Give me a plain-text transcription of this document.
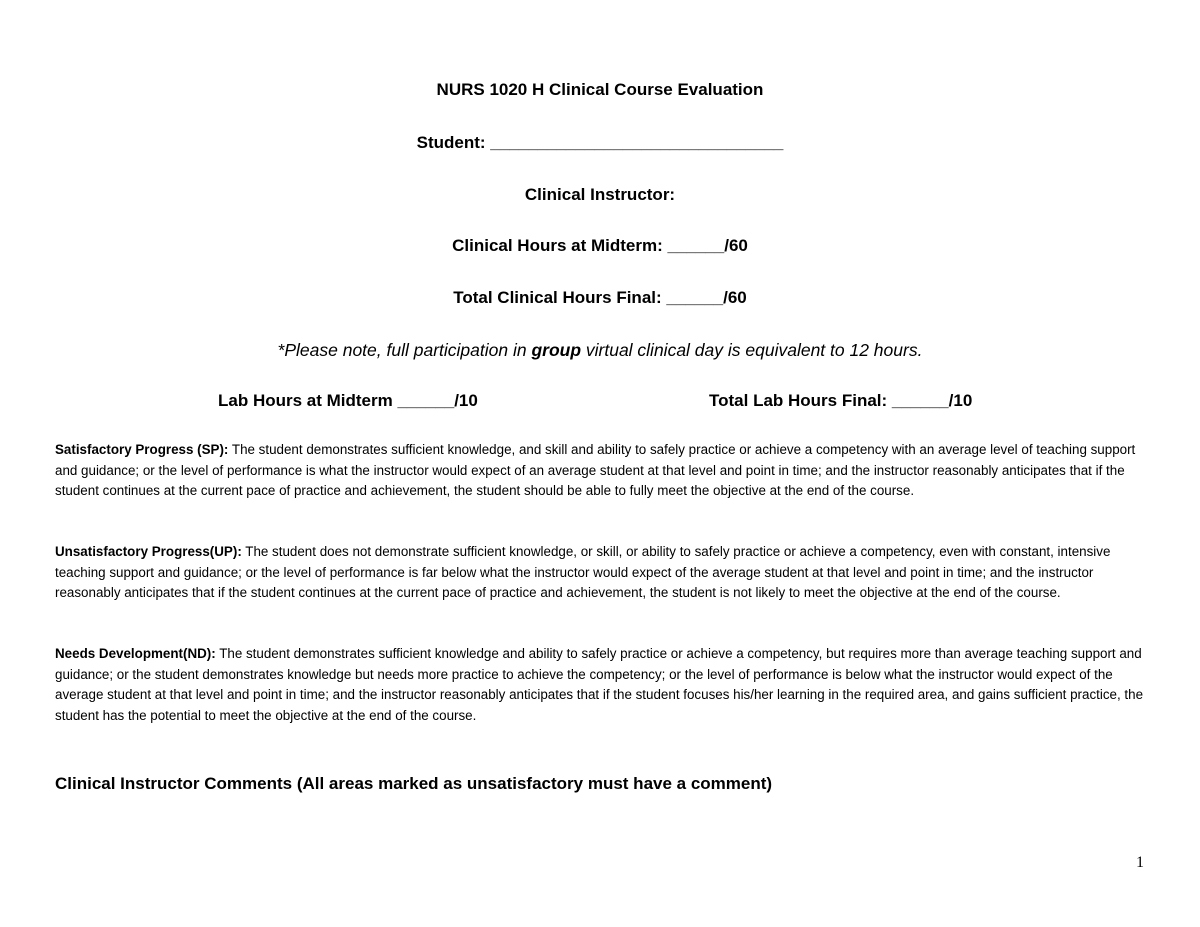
NURS 1020 H Clinical Course Evaluation
Student: _______________________________
Clinical Instructor:
Clinical Hours at Midterm: ______/60
Total Clinical Hours Final: ______/60
*Please note, full participation in group virtual clinical day is equivalent to 12 hours.
Lab Hours at Midterm ______/10	Total Lab Hours Final: ______/10
Satisfactory Progress (SP): The student demonstrates sufficient knowledge, and skill and ability to safely practice or achieve a competency with an average level of teaching support and guidance; or the level of performance is what the instructor would expect of an average student at that level and point in time; and the instructor reasonably anticipates that if the student continues at the current pace of practice and achievement, the student should be able to fully meet the objective at the end of the course.
Unsatisfactory Progress(UP): The student does not demonstrate sufficient knowledge, or skill, or ability to safely practice or achieve a competency, even with constant, intensive teaching support and guidance; or the level of performance is far below what the instructor would expect of the average student at that level and point in time; and the instructor reasonably anticipates that if the student continues at the current pace of practice and achievement, the student is not likely to meet the objective at the end of the course.
Needs Development(ND): The student demonstrates sufficient knowledge and ability to safely practice or achieve a competency, but requires more than average teaching support and guidance; or the student demonstrates knowledge but needs more practice to achieve the competency; or the level of performance is below what the instructor would expect of the average student at that level and point in time; and the instructor reasonably anticipates that if the student focuses his/her learning in the required area, and gains sufficient practice, the student has the potential to meet the objective at the end of the course.
Clinical Instructor Comments (All areas marked as unsatisfactory must have a comment)
1
